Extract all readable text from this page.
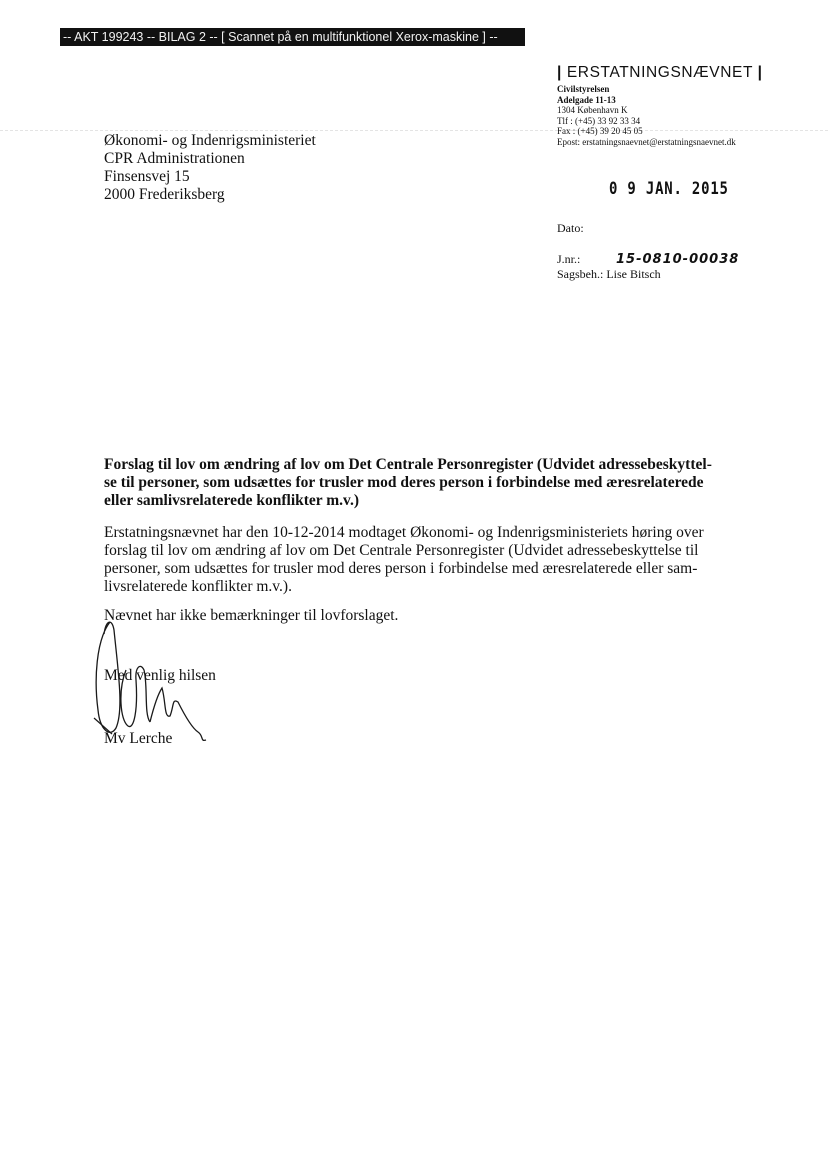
-- AKT 199243 -- BILAG 2 -- [ Scannet på en multifunktionel Xerox-maskine ] --
Økonomi- og Indenrigsministeriet
CPR Administrationen
Finsensvej 15
2000 Frederiksberg
| ERSTATNINGSNÆVNET |
Civilstyrelsen
Adelgade 11-13
1304 København K
Tlf : (+45) 33 92 33 34
Fax : (+45) 39 20 45 05
Epost: erstatningsnaevnet@erstatningsnaevnet.dk
0 9 JAN. 2015
Dato:
J.nr.:	15-0810-00038
Sagsbeh.: Lise Bitsch
Forslag til lov om ændring af lov om Det Centrale Personregister (Udvidet adressebeskyttel-
se til personer, som udsættes for trusler mod deres person i forbindelse med æresrelaterede
eller samlivsrelaterede konflikter m.v.)
Erstatningsnævnet har den 10-12-2014 modtaget Økonomi- og Indenrigsministeriets høring over
forslag til lov om ændring af lov om Det Centrale Personregister (Udvidet adressebeskyttelse til
personer, som udsættes for trusler mod deres person i forbindelse med æresrelaterede eller sam-
livsrelaterede konflikter m.v.).
Nævnet har ikke bemærkninger til lovforslaget.
Med venlig hilsen
Mv Lerche
